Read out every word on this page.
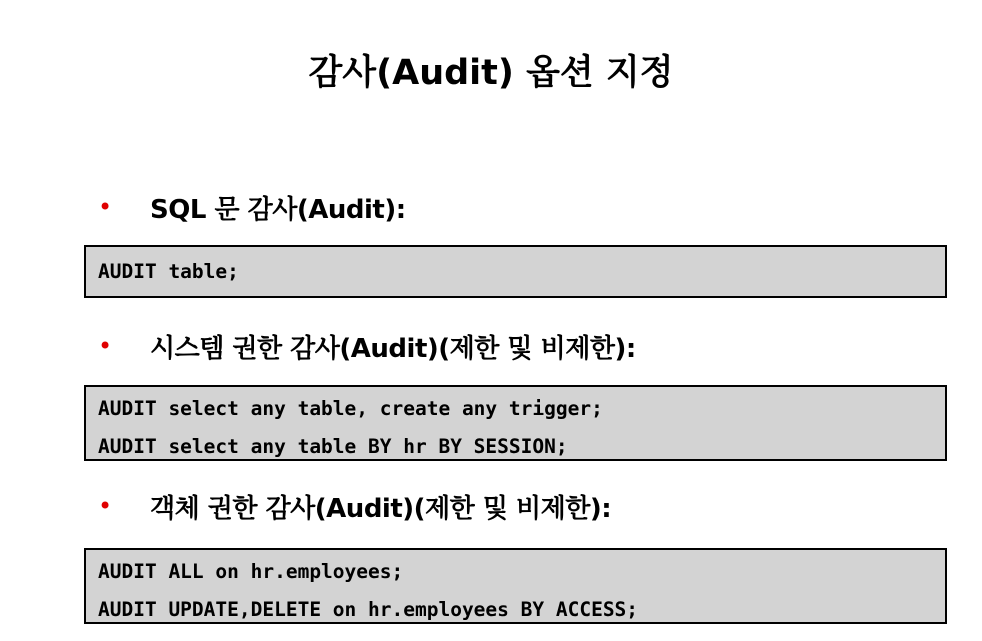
감사(Audit) 옵션 지정
•	SQL 문 감사(Audit):
AUDIT table;
•	시스템 권한 감사(Audit)(제한 및 비제한):
AUDIT select any table, create any trigger;
AUDIT select any table BY hr BY SESSION;
•	객체 권한 감사(Audit)(제한 및 비제한):
AUDIT ALL on hr.employees;
AUDIT UPDATE,DELETE on hr.employees BY ACCESS;
